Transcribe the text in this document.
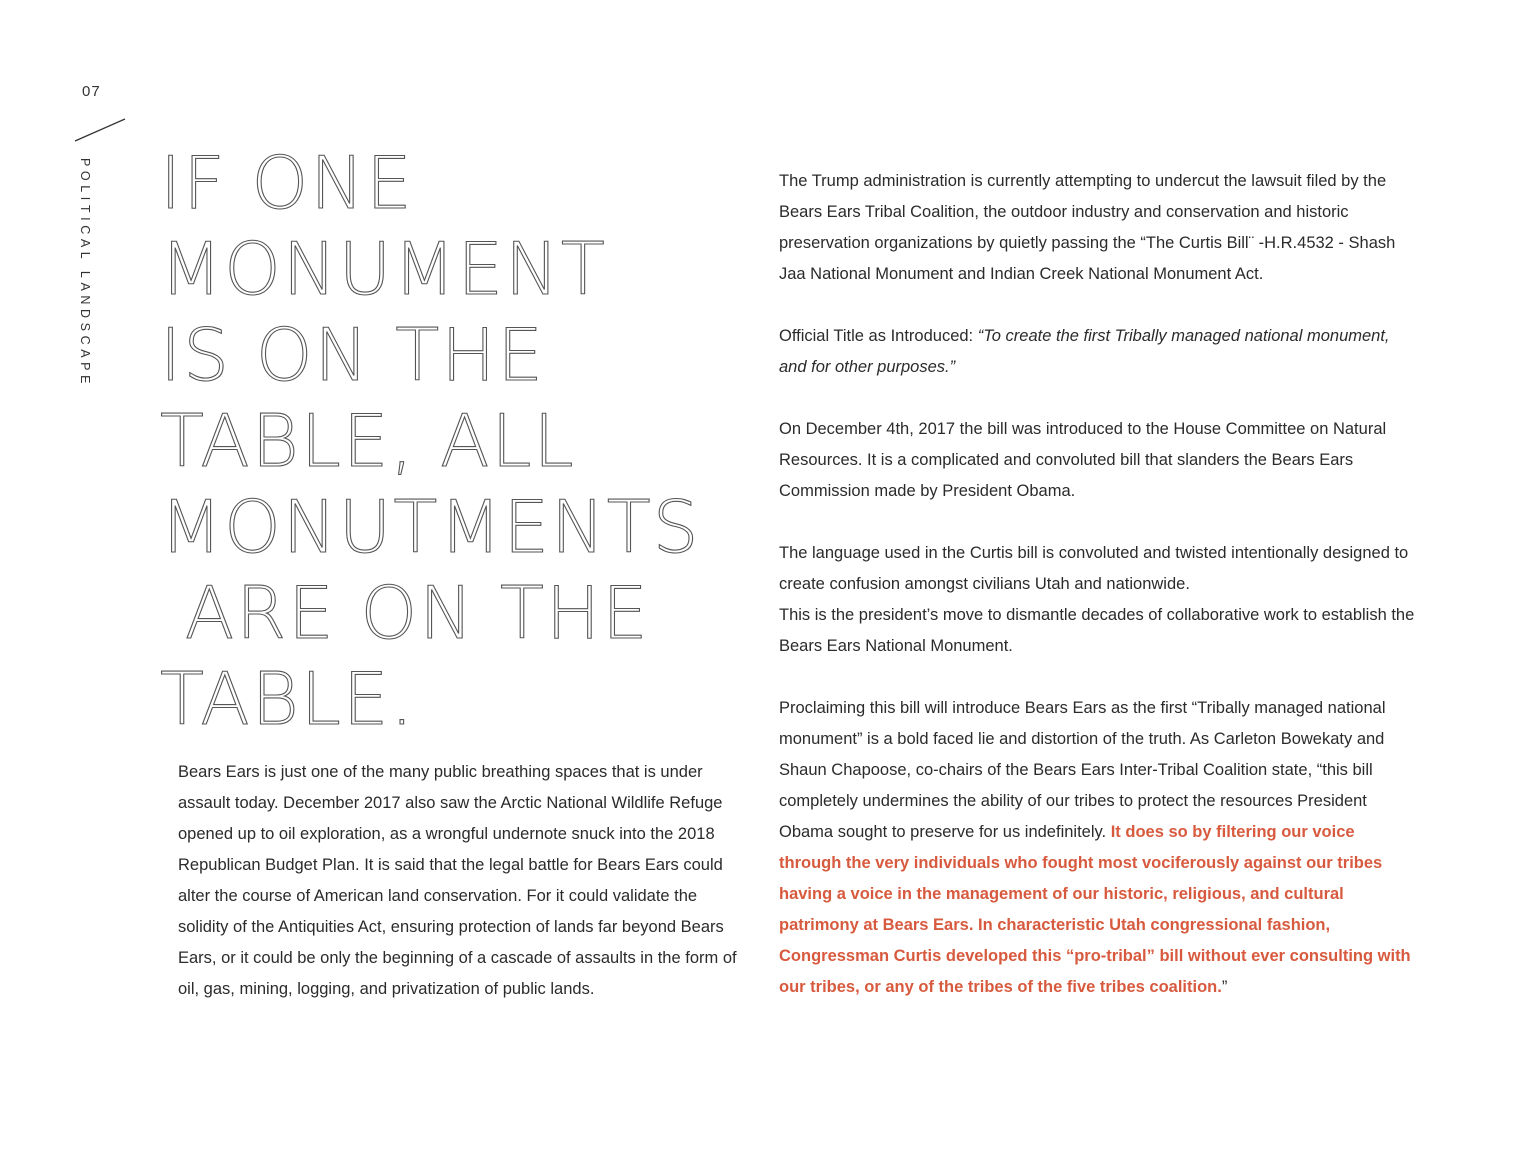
07
POLITICAL LANDSCAPE IF ONE
MONUMENT
IS ON THE
TABLE, ALL
MONUTMENTS
ARE ON THE
TABLE.

Bears Ears is just one of the many public breathing spaces that is under assault today. December 2017 also saw the Arctic National Wildlife Refuge opened up to oil exploration, as a wrongful undernote snuck into the 2018 Republican Budget Plan. It is said that the legal battle for Bears Ears could alter the course of American land conservation. For it could validate the solidity of the Antiquities Act, ensuring protection of lands far beyond Bears Ears, or it could be only the beginning of a cascade of assaults in the form of oil, gas, mining, logging, and privatization of public lands.

The Trump administration is currently attempting to undercut the lawsuit filed by the Bears Ears Tribal Coalition, the outdoor industry and conservation and historic preservation organizations by quietly passing the “The Curtis Bill¨ -H.R.4532 - Shash Jaa National Monument and Indian Creek National Monument Act.

Official Title as Introduced: “To create the first Tribally managed national monument, and for other purposes.”

On December 4th, 2017 the bill was introduced to the House Committee on Natural Resources. It is a complicated and convoluted bill that slanders the Bears Ears Commission made by President Obama.

The language used in the Curtis bill is convoluted and twisted intentionally designed to create confusion amongst civilians Utah and nationwide.
This is the president’s move to dismantle decades of collaborative work to establish the Bears Ears National Monument.

Proclaiming this bill will introduce Bears Ears as the first “Tribally managed national monument” is a bold faced lie and distortion of the truth. As Carleton Bowekaty and Shaun Chapoose, co-chairs of the Bears Ears Inter-Tribal Coalition state, “this bill completely undermines the ability of our tribes to protect the resources President Obama sought to preserve for us indefinitely. It does so by filtering our voice through the very individuals who fought most vociferously against our tribes having a voice in the management of our historic, religious, and cultural patrimony at Bears Ears. In characteristic Utah congressional fashion, Congressman Curtis developed this “pro-tribal” bill without ever consulting with our tribes, or any of the tribes of the five tribes coalition.”
